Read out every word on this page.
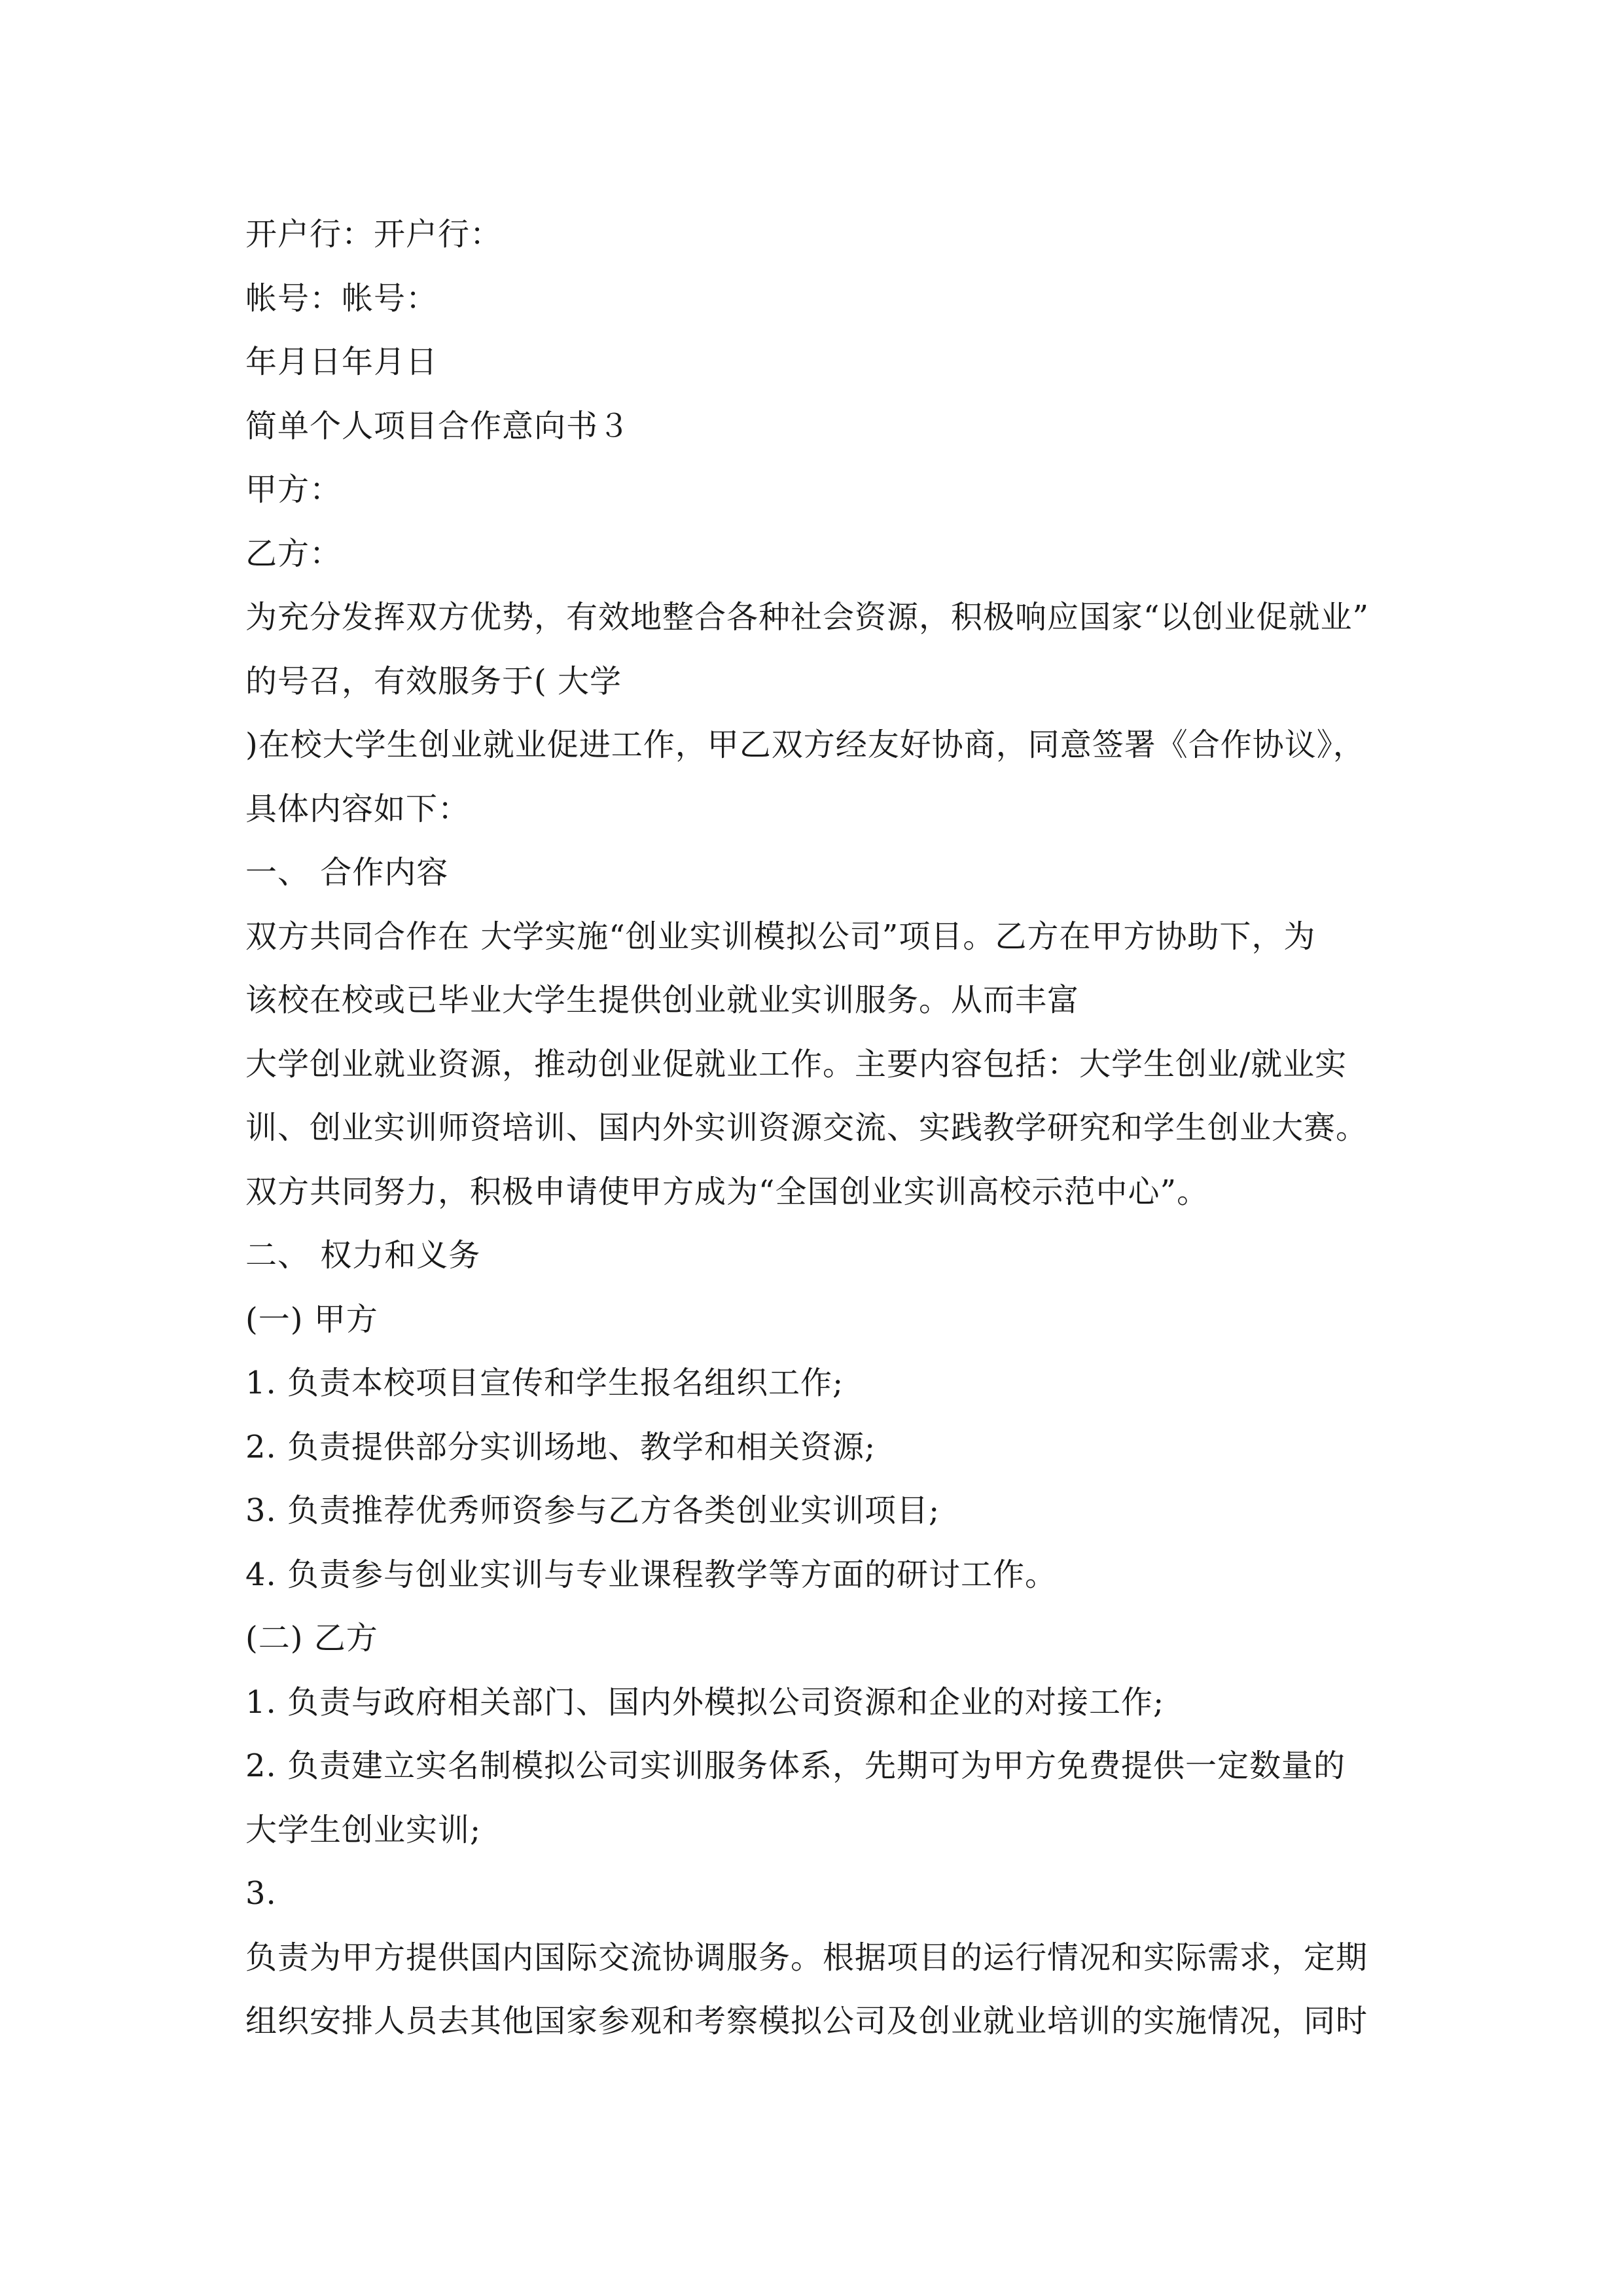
开户行：开户行：
帐号：帐号：
年月日年月日
简单个人项目合作意向书３
甲方：
乙方：
为充分发挥双方优势，有效地整合各种社会资源，积极响应国家“以创业促就业”
的号召，有效服务于( 大学
)在校大学生创业就业促进工作，甲乙双方经友好协商，同意签署《合作协议》，
具体内容如下：
一、 合作内容
双方共同合作在 大学实施“创业实训模拟公司”项目。乙方在甲方协助下，为
该校在校或已毕业大学生提供创业就业实训服务。从而丰富
大学创业就业资源，推动创业促就业工作。主要内容包括：大学生创业/就业实
训、创业实训师资培训、国内外实训资源交流、实践教学研究和学生创业大赛。
双方共同努力，积极申请使甲方成为“全国创业实训高校示范中心”。
二、 权力和义务
(一) 甲方
1. 负责本校项目宣传和学生报名组织工作;
2. 负责提供部分实训场地、教学和相关资源;
3. 负责推荐优秀师资参与乙方各类创业实训项目;
4. 负责参与创业实训与专业课程教学等方面的研讨工作。
(二) 乙方
1. 负责与政府相关部门、国内外模拟公司资源和企业的对接工作;
2. 负责建立实名制模拟公司实训服务体系，先期可为甲方免费提供一定数量的
大学生创业实训;
3.
负责为甲方提供国内国际交流协调服务。根据项目的运行情况和实际需求，定期
组织安排人员去其他国家参观和考察模拟公司及创业就业培训的实施情况，同时
